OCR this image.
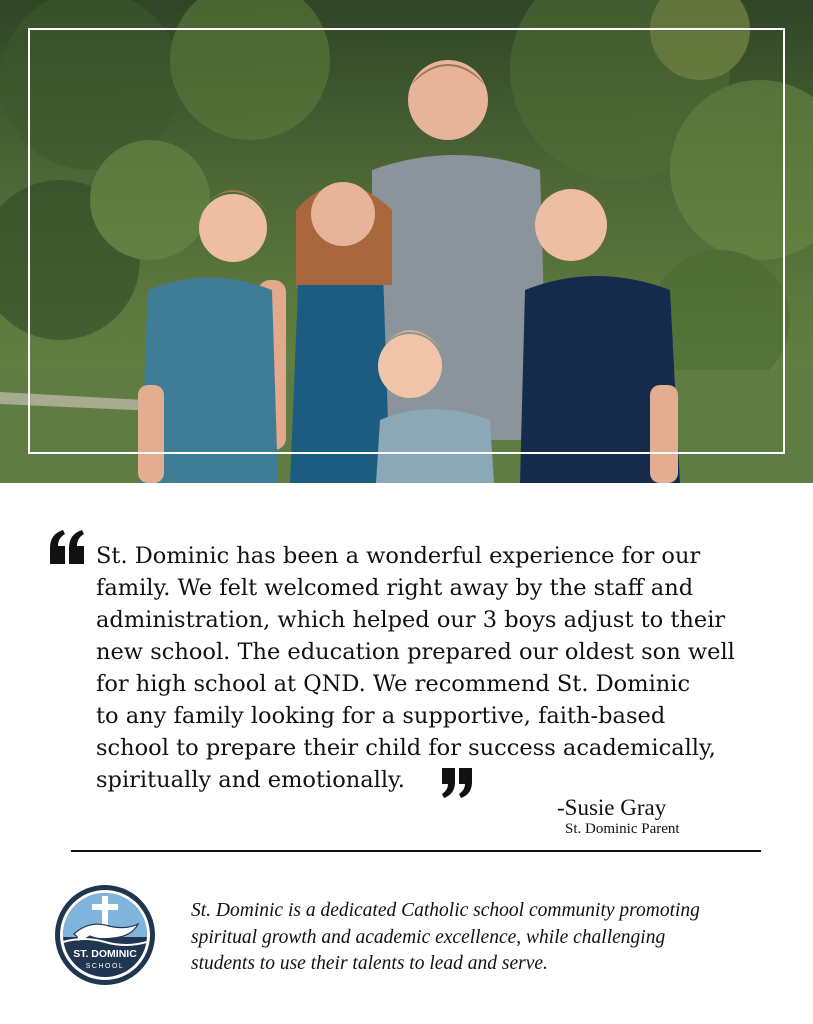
St. Dominic has been a wonderful experience for our
family. We felt welcomed right away by the staff and
administration, which helped our 3 boys adjust to their
new school. The education prepared our oldest son well
for high school at QND. We recommend St. Dominic
to any family looking for a supportive, faith-based
school to prepare their child for success academically,
spiritually and emotionally.
-Susie Gray
St. Dominic Parent
ST. DOMINIC
SCHOOL
St. Dominic is a dedicated Catholic school community promoting
spiritual growth and academic excellence, while challenging
students to use their talents to lead and serve.
